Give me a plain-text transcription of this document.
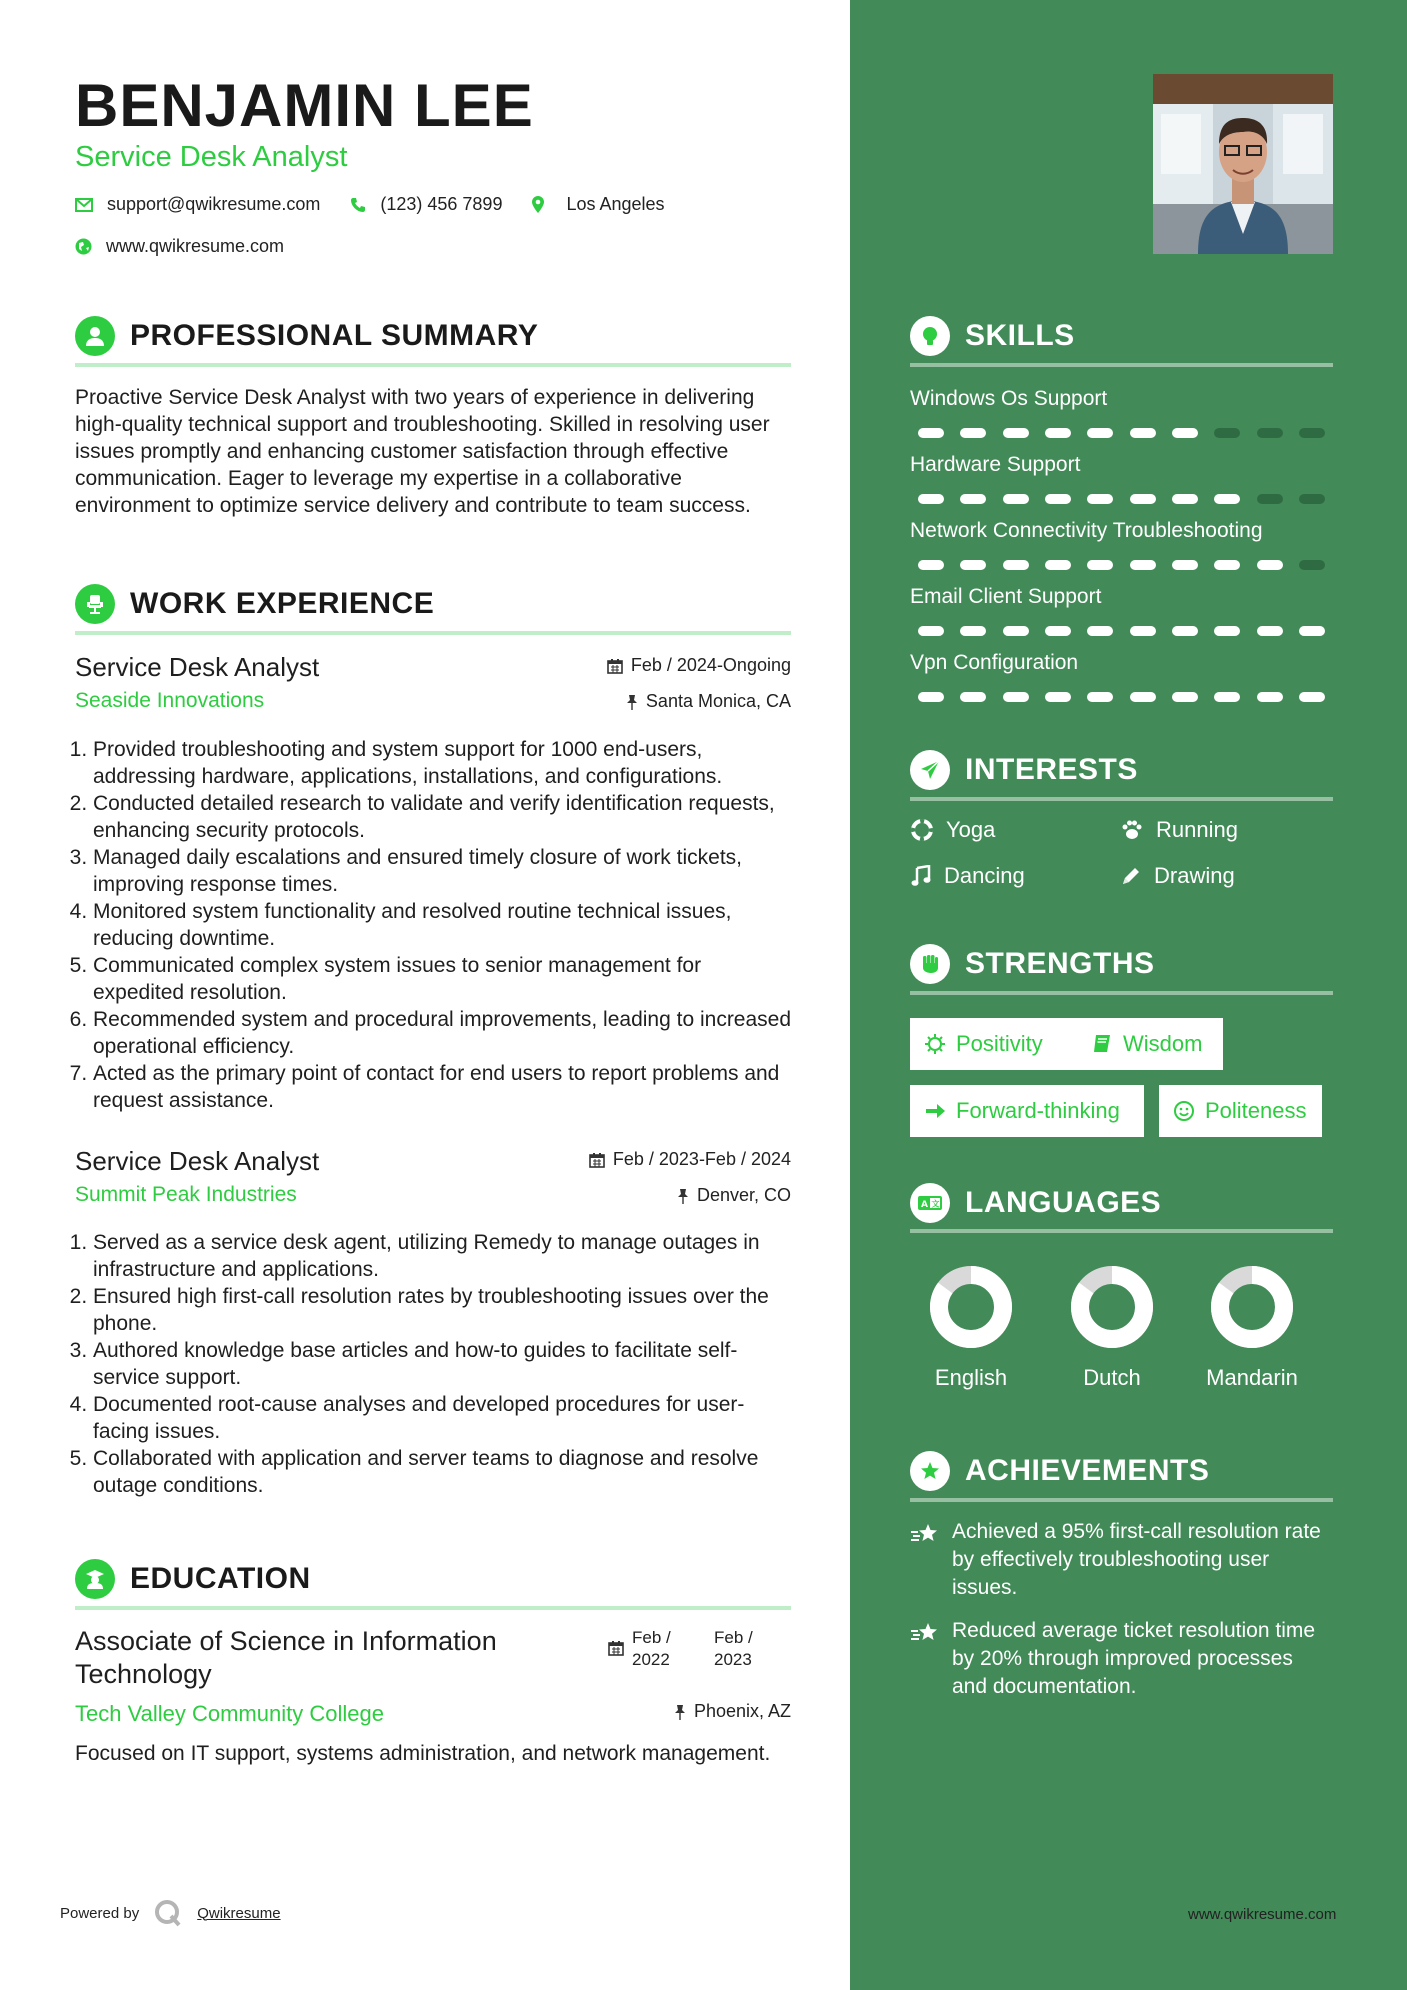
BENJAMIN LEE
Service Desk Analyst
support@qwikresume.com	(123) 456 7899	Los Angeles
www.qwikresume.com
PROFESSIONAL SUMMARY
Proactive Service Desk Analyst with two years of experience in delivering high-quality technical support and troubleshooting. Skilled in resolving user issues promptly and enhancing customer satisfaction through effective communication. Eager to leverage my expertise in a collaborative environment to optimize service delivery and contribute to team success.
WORK EXPERIENCE
Service Desk Analyst
Seaside Innovations
Feb / 2024-Ongoing
Santa Monica, CA
1. Provided troubleshooting and system support for 1000 end-users, addressing hardware, applications, installations, and configurations.
2. Conducted detailed research to validate and verify identification requests, enhancing security protocols.
3. Managed daily escalations and ensured timely closure of work tickets, improving response times.
4. Monitored system functionality and resolved routine technical issues, reducing downtime.
5. Communicated complex system issues to senior management for expedited resolution.
6. Recommended system and procedural improvements, leading to increased operational efficiency.
7. Acted as the primary point of contact for end users to report problems and request assistance.
Service Desk Analyst
Summit Peak Industries
Feb / 2023-Feb / 2024
Denver, CO
1. Served as a service desk agent, utilizing Remedy to manage outages in infrastructure and applications.
2. Ensured high first-call resolution rates by troubleshooting issues over the phone.
3. Authored knowledge base articles and how-to guides to facilitate self-service support.
4. Documented root-cause analyses and developed procedures for user-facing issues.
5. Collaborated with application and server teams to diagnose and resolve outage conditions.
EDUCATION
Associate of Science in Information Technology
Feb / 2022
Feb / 2023
Tech Valley Community College	Phoenix, AZ
Focused on IT support, systems administration, and network management.
Powered by	Qwikresume
SKILLS
Windows Os Support
Hardware Support
Network Connectivity Troubleshooting
Email Client Support
Vpn Configuration
INTERESTS
Yoga	Running
Dancing	Drawing
STRENGTHS
Positivity	Wisdom
Forward-thinking	Politeness
A 文 LANGUAGES
English	Dutch	Mandarin
ACHIEVEMENTS
Achieved a 95% first-call resolution rate by effectively troubleshooting user issues.
Reduced average ticket resolution time by 20% through improved processes and documentation.
www.qwikresume.com
